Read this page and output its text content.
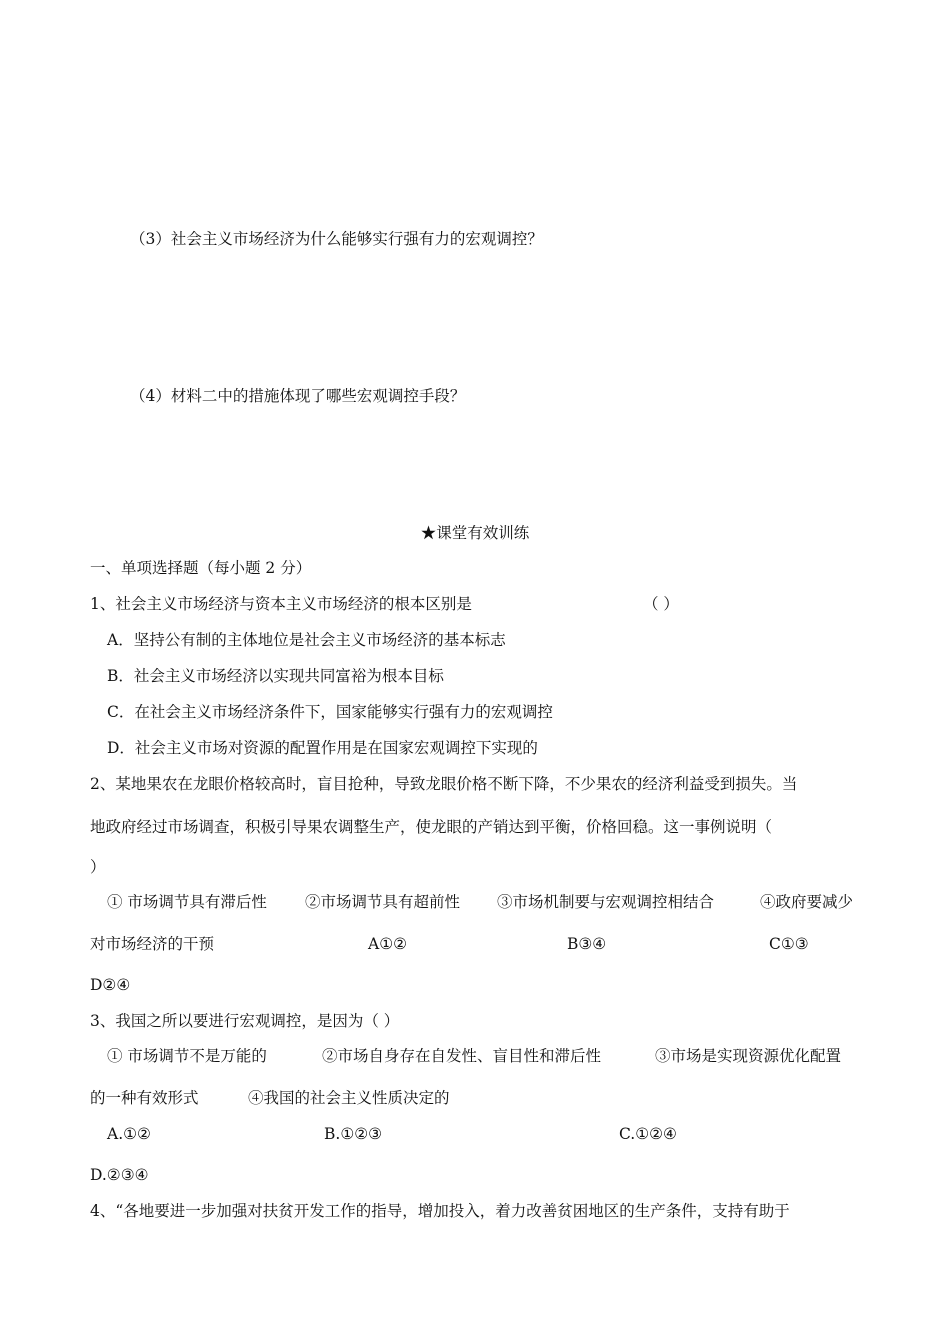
（3）社会主义市场经济为什么能够实行强有力的宏观调控？
（4）材料二中的措施体现了哪些宏观调控手段？
★课堂有效训练
一、单项选择题（每小题 2 分）
1、社会主义市场经济与资本主义市场经济的根本区别是	（ ）
A．坚持公有制的主体地位是社会主义市场经济的基本标志
B．社会主义市场经济以实现共同富裕为根本目标
C．在社会主义市场经济条件下，国家能够实行强有力的宏观调控
D．社会主义市场对资源的配置作用是在国家宏观调控下实现的
2、某地果农在龙眼价格较高时，盲目抢种，导致龙眼价格不断下降，不少果农的经济利益受到损失。当
地政府经过市场调查，积极引导果农调整生产，使龙眼的产销达到平衡，价格回稳。这一事例说明（
）
① 市场调节具有滞后性 ②市场调节具有超前性 ③市场机制要与宏观调控相结合	④政府要减少
对市场经济的干预	A①②	B③④	C①③
D②④
3、我国之所以要进行宏观调控，是因为（ ）
① 市场调节不是万能的	②市场自身存在自发性、盲目性和滞后性	③市场是实现资源优化配置
的一种有效形式	④我国的社会主义性质决定的
A.①②	B.①②③	C.①②④
D.②③④
4、“各地要进一步加强对扶贫开发工作的指导，增加投入，着力改善贫困地区的生产条件，支持有助于
